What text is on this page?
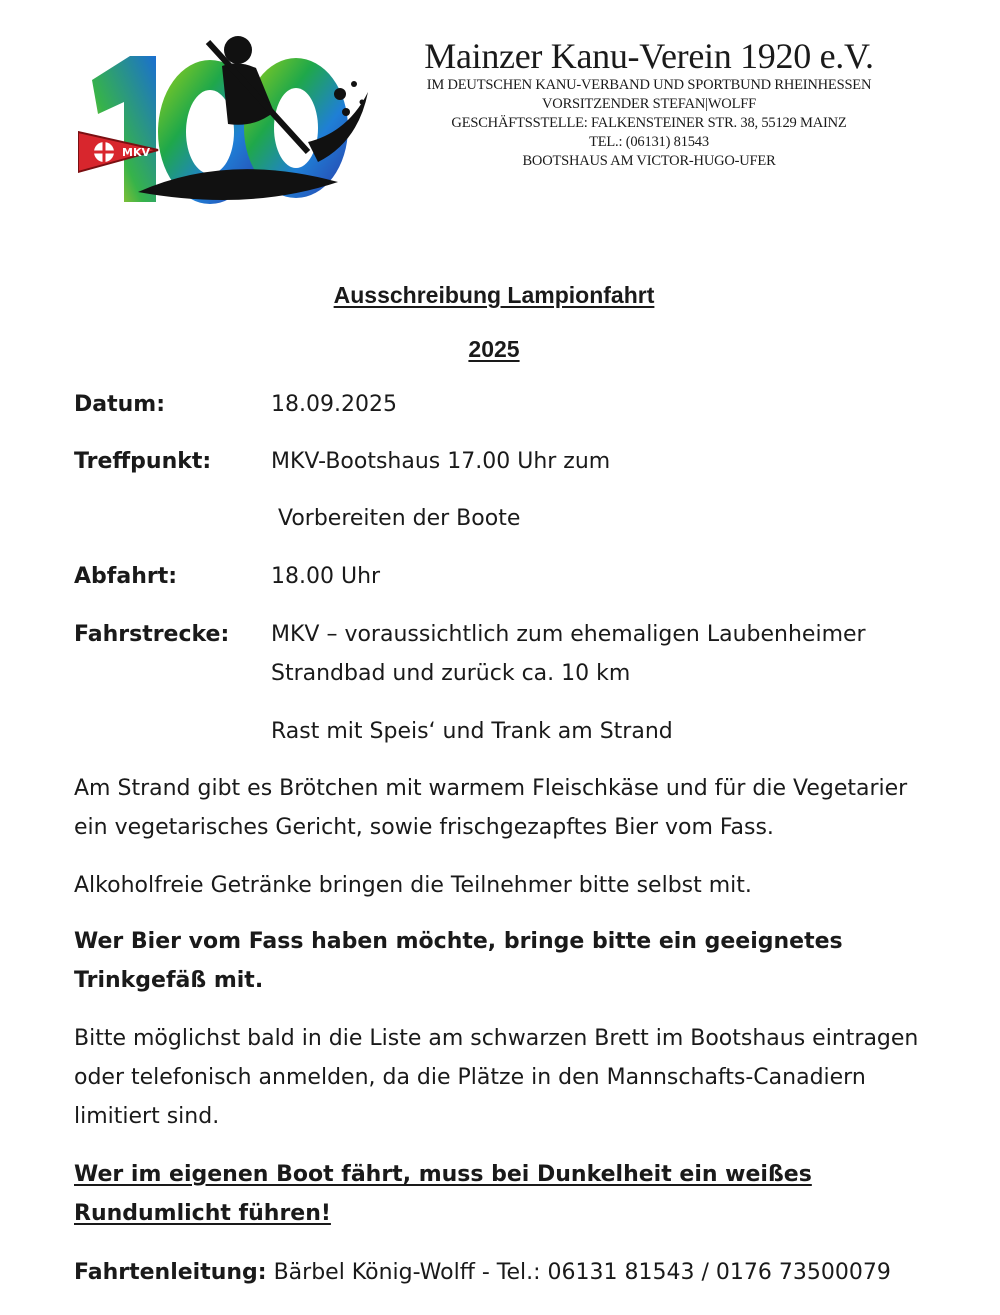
MKV
Mainzer Kanu-Verein 1920 e.V.
IM DEUTSCHEN KANU-VERBAND UND SPORTBUND RHEINHESSEN
VORSITZENDER STEFAN|WOLFF
GESCHÄFTSSTELLE: FALKENSTEINER STR. 38, 55129 MAINZ
TEL.: (06131) 81543
BOOTSHAUS AM VICTOR-HUGO-UFER
Ausschreibung Lampionfahrt
2025
Datum:	18.09.2025
Treffpunkt:	MKV-Bootshaus 17.00 Uhr zum
Vorbereiten der Boote
Abfahrt:	18.00 Uhr
Fahrstrecke: MKV – voraussichtlich zum ehemaligen Laubenheimer
Strandbad und zurück ca. 10 km
Rast mit Speis‘ und Trank am Strand
Am Strand gibt es Brötchen mit warmem Fleischkäse und für die Vegetarier ein vegetarisches Gericht, sowie frischgezapftes Bier vom Fass.
Alkoholfreie Getränke bringen die Teilnehmer bitte selbst mit.
Wer Bier vom Fass haben möchte, bringe bitte ein geeignetes Trinkgefäß mit.
Bitte möglichst bald in die Liste am schwarzen Brett im Bootshaus eintragen oder telefonisch anmelden, da die Plätze in den Mannschafts-Canadiern limitiert sind.
Wer im eigenen Boot fährt, muss bei Dunkelheit ein weißes Rundumlicht führen!
Fahrtenleitung: Bärbel König-Wolff - Tel.: 06131 81543 / 0176 73500079
